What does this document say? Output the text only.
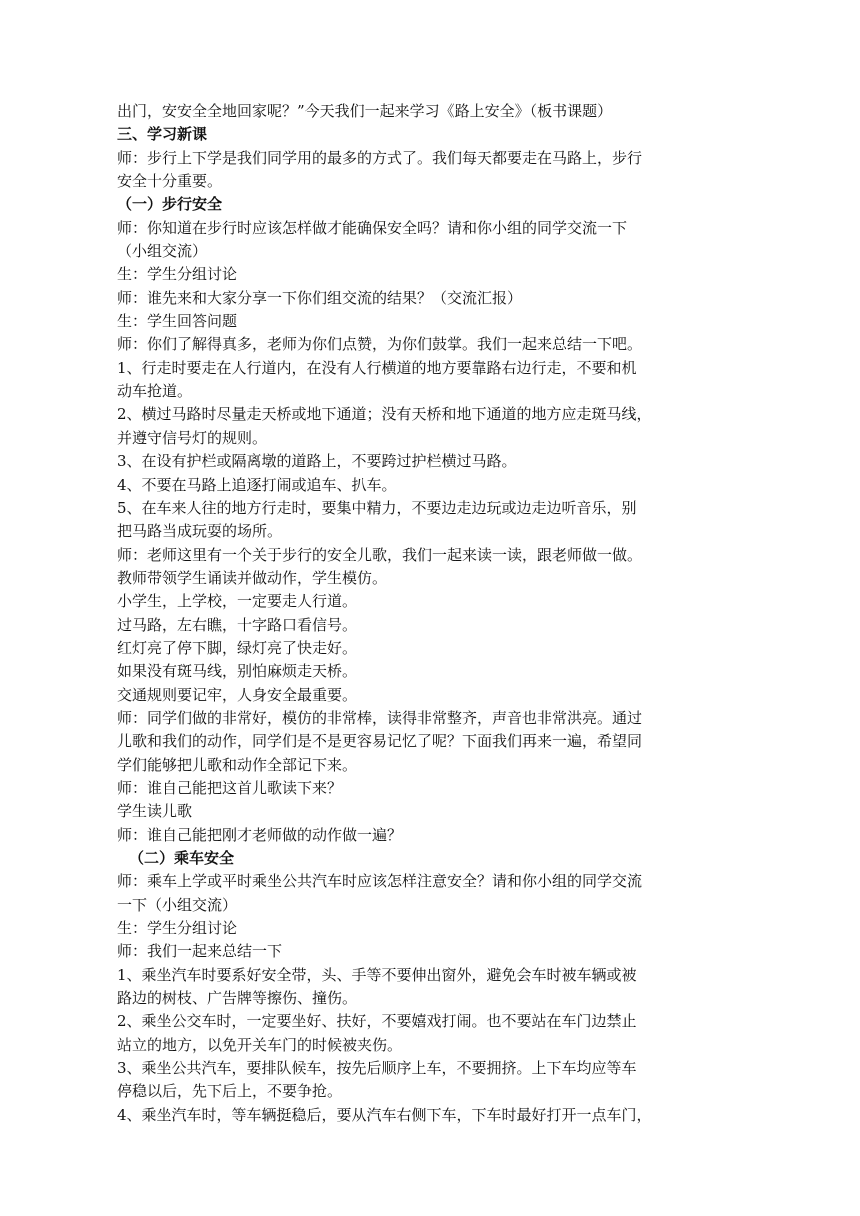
出门，安安全全地回家呢？”今天我们一起来学习《路上安全》（板书课题）
三、学习新课
师：步行上下学是我们同学用的最多的方式了。我们每天都要走在马路上，步行
安全十分重要。
（一）步行安全
师：你知道在步行时应该怎样做才能确保安全吗？请和你小组的同学交流一下
（小组交流）
生：学生分组讨论
师：谁先来和大家分享一下你们组交流的结果？（交流汇报）
生：学生回答问题
师：你们了解得真多，老师为你们点赞，为你们鼓掌。我们一起来总结一下吧。
1、行走时要走在人行道内，在没有人行横道的地方要靠路右边行走，不要和机
动车抢道。
2、横过马路时尽量走天桥或地下通道；没有天桥和地下通道的地方应走斑马线，
并遵守信号灯的规则。
3、在设有护栏或隔离墩的道路上，不要跨过护栏横过马路。
4、不要在马路上追逐打闹或追车、扒车。
5、在车来人往的地方行走时，要集中精力，不要边走边玩或边走边听音乐，别
把马路当成玩耍的场所。
师：老师这里有一个关于步行的安全儿歌，我们一起来读一读，跟老师做一做。
教师带领学生诵读并做动作，学生模仿。
小学生，上学校，一定要走人行道。
过马路，左右瞧，十字路口看信号。
红灯亮了停下脚，绿灯亮了快走好。
如果没有斑马线，别怕麻烦走天桥。
交通规则要记牢，人身安全最重要。
师：同学们做的非常好，模仿的非常棒，读得非常整齐，声音也非常洪亮。通过
儿歌和我们的动作，同学们是不是更容易记忆了呢？下面我们再来一遍，希望同
学们能够把儿歌和动作全部记下来。
师：谁自己能把这首儿歌读下来？
学生读儿歌
师：谁自己能把刚才老师做的动作做一遍？
（二）乘车安全
师：乘车上学或平时乘坐公共汽车时应该怎样注意安全？请和你小组的同学交流
一下（小组交流）
生：学生分组讨论
师：我们一起来总结一下
1、乘坐汽车时要系好安全带，头、手等不要伸出窗外，避免会车时被车辆或被
路边的树枝、广告牌等擦伤、撞伤。
2、乘坐公交车时，一定要坐好、扶好，不要嬉戏打闹。也不要站在车门边禁止
站立的地方，以免开关车门的时候被夹伤。
3、乘坐公共汽车，要排队候车，按先后顺序上车，不要拥挤。上下车均应等车
停稳以后，先下后上，不要争抢。
4、乘坐汽车时，等车辆挺稳后，要从汽车右侧下车，下车时最好打开一点车门，
